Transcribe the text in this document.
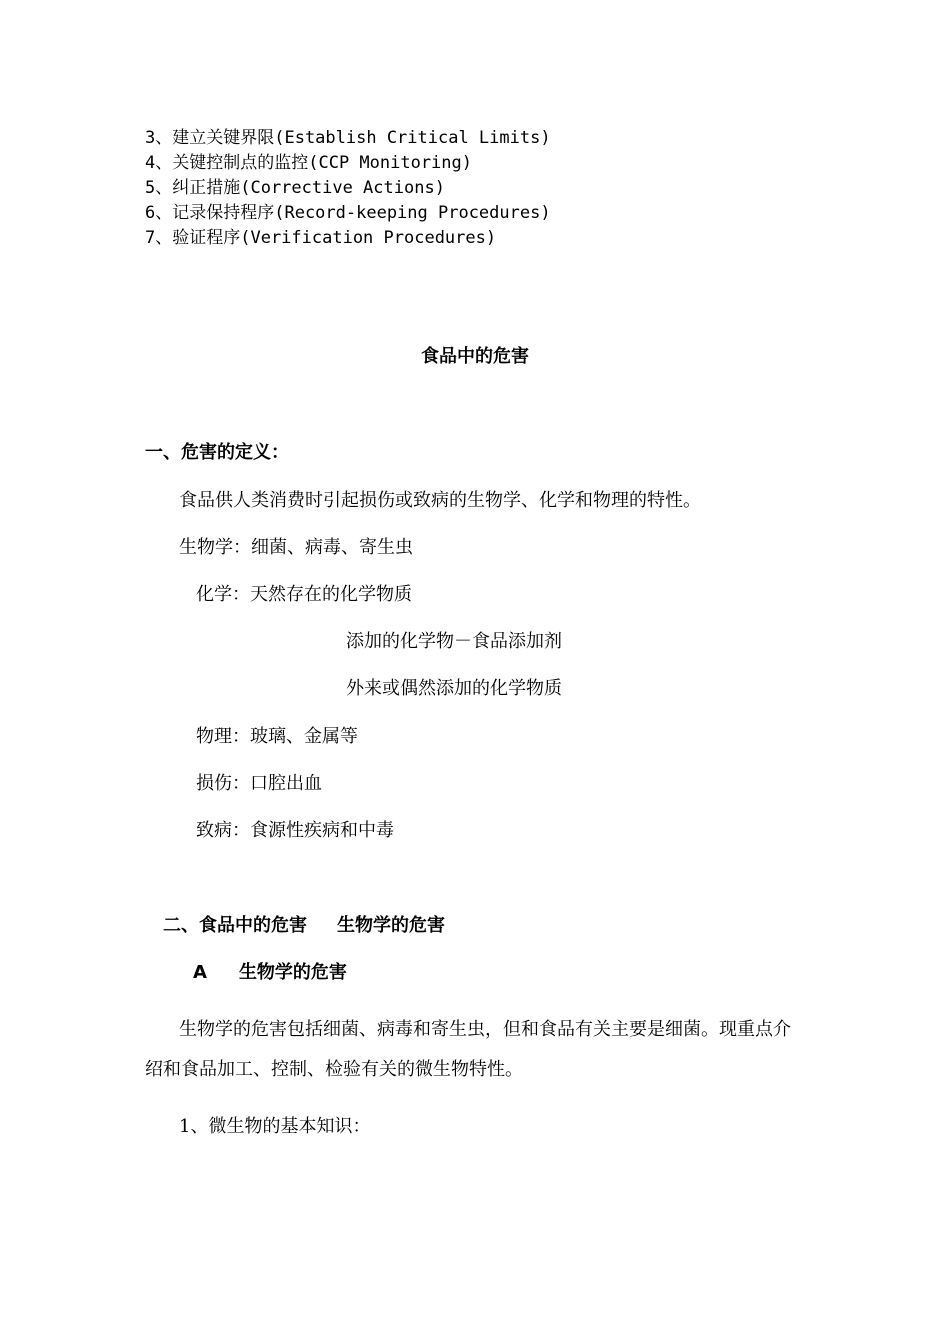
3、建立关键界限(Establish Critical Limits)
4、关键控制点的监控(CCP Monitoring)
5、纠正措施(Corrective Actions)
6、记录保持程序(Record-keeping Procedures)
7、验证程序(Verification Procedures)
食品中的危害
一、危害的定义：
食品供人类消费时引起损伤或致病的生物学、化学和物理的特性。
生物学：细菌、病毒、寄生虫
化学：天然存在的化学物质
添加的化学物－食品添加剂
外来或偶然添加的化学物质
物理：玻璃、金属等
损伤：口腔出血
致病：食源性疾病和中毒
二、食品中的危害 生物学的危害
A 生物学的危害
生物学的危害包括细菌、病毒和寄生虫，但和食品有关主要是细菌。现重点介绍和食品加工、控制、检验有关的微生物特性。
1、微生物的基本知识：
